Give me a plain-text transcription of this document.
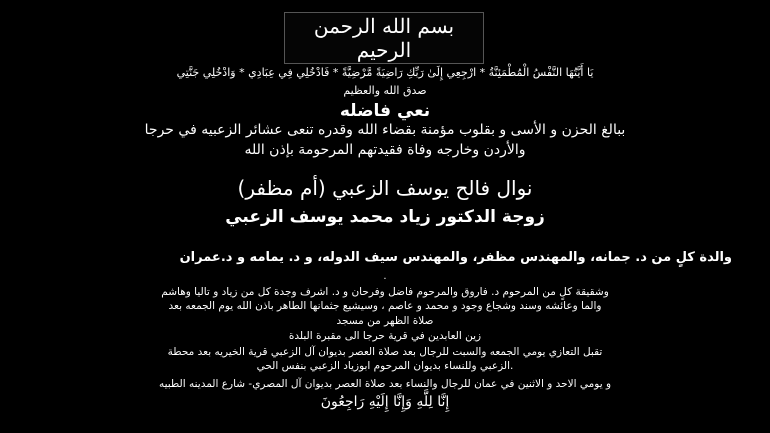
بسم الله الرحمن الرحيم
يَا أَيَّتُهَا النَّفْسُ الْمُطْمَئِنَّةُ * ارْجِعِي إِلَىٰ رَبِّكِ رَاضِيَةً مَّرْضِيَّةً * فَادْخُلِي فِي عِبَادِي * وَادْخُلِي جَنَّتِي
صدق الله والعظيم
نعي فاضله
ببالغ الحزن و الأسى و بقلوب مؤمنة بقضاء الله وقدره تنعى عشائر الزعبيه في حرجا
والأردن وخارجه وفاة فقيدتهم المرحومة بإذن الله
نوال فالح يوسف الزعبي (أم مظفر)
زوجة الدكتور زياد محمد يوسف الزعبي
والدة كلٍ من د. جمانه، والمهندس مظفر، والمهندس سيف الدوله، و د. يمامه و د.عمران
.
وشقيقة كلٍ من المرحوم د. فاروق والمرحوم فاضل وفرحان و د. اشرف وجدة كل من زياد و تاليا وهاشم
والما وعائشه وسند وشجاع وجود و محمد و عاصم ، وسيشيع جثمانها الطاهر باذن الله يوم الجمعه بعد
صلاة الظهر من مسجد
زين العابدين في قرية حرجا الى مقبرة البلدة
تقبل التعازي يومي الجمعه والسبت للرجال بعد صلاة العصر بديوان آل الزعبي قرية الخيريه بعد محطة
.الزعبي وللنساء بديوان المرحوم ابوزياد الزعبي بنفس الحي
و يومي الاحد و الاثنين في عمان للرجال والنساء بعد صلاة العصر بديوان آل المصري- شارع المدينه الطبيه
إِنَّا لِلَّهِ وَإِنَّا إِلَيْهِ رَاجِعُونَ
